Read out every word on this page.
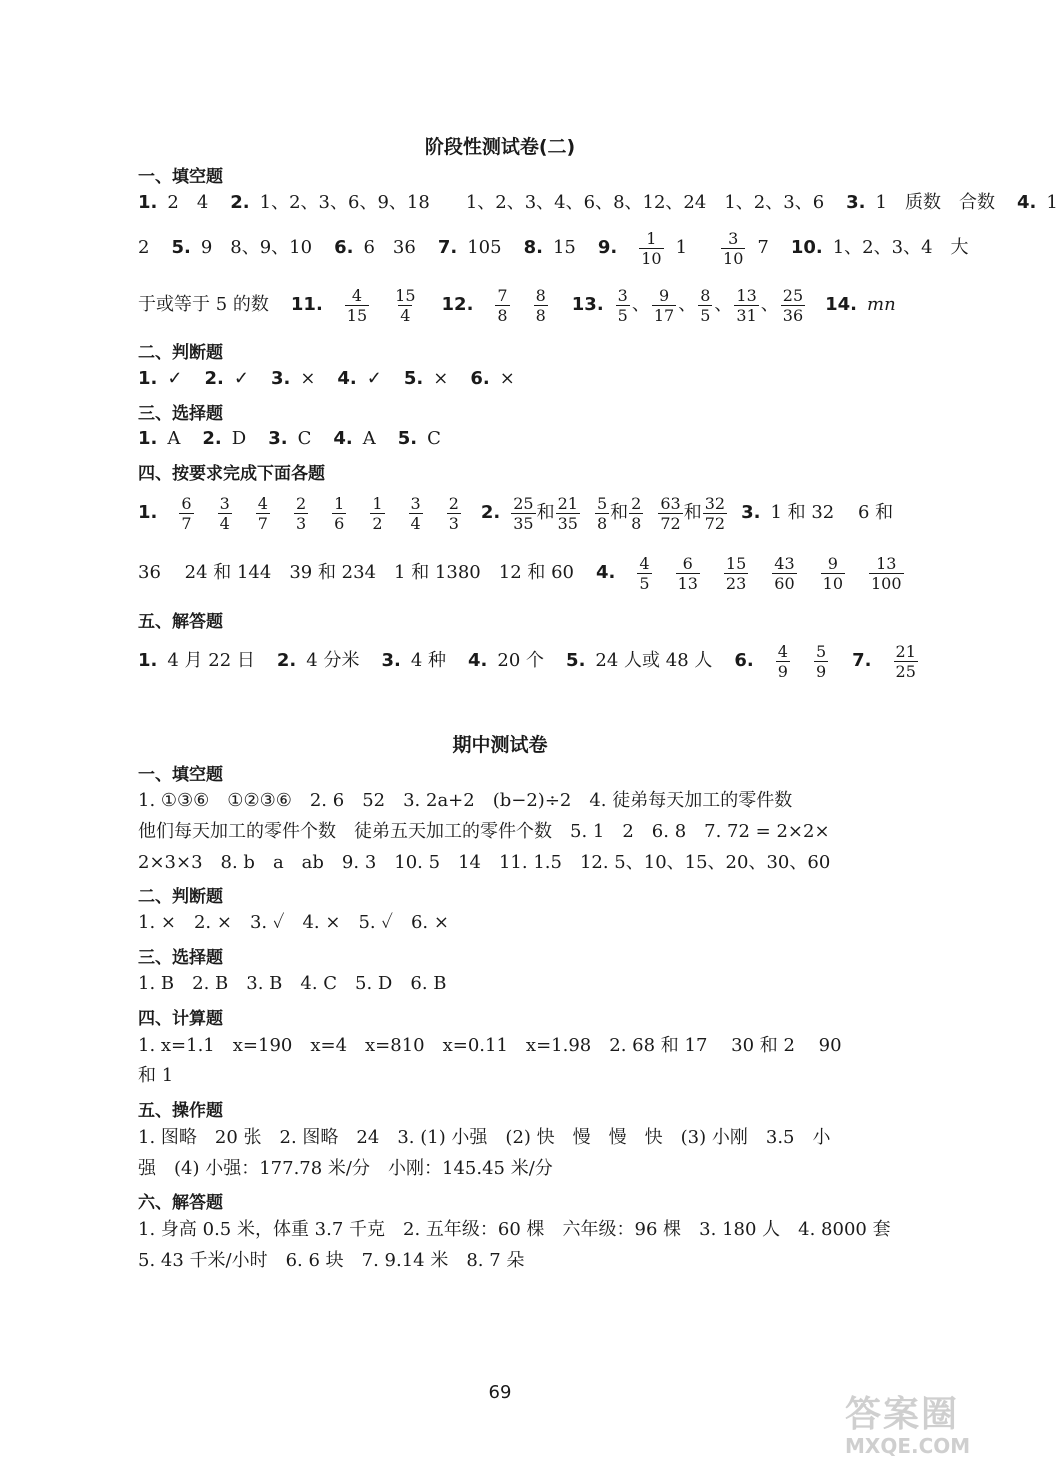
阶段性测试卷(二)
一、填空题
1. 2　4 2. 1、2、3、6、9、18　　1、2、3、4、6、8、12、24　1、2、3、6 3. 1　质数　合数 4. 1
2 5. 9　8、9、10 6. 6　36 7. 105 8. 15 9. $\frac{1}{10} 1 \frac{3}{10} 7$ 10. 1、2、3、4　大
于或等于 5 的数 11. $\frac{4}{15} \frac{15}{4} 12$. $\frac{7}{8} \frac{8}{8} 13$. $\frac{3}{5}$ 、 $\frac{9}{17}$ 、 $\frac{8}{5}$ 、 $\frac{13}{31}$ 、 $\frac{25}{36} 14$. mn
二、判断题
1. ✓ 2. ✓ 3. × 4. ✓ 5. × 6. ×
三、选择题
1. A 2. D 3. C 4. A 5. C
四、按要求完成下面各题
1. $\frac{6}{7} \frac{3}{4} \frac{4}{7} \frac{2}{3} \frac{1}{6} \frac{1}{2} \frac{3}{4} \frac{2}{3} 2$. $\frac{25}{35}$ 和 $\frac{21}{35} \frac{5}{8}$ 和 $\frac{2}{8} \frac{63}{72}$ 和 $\frac{32}{72} 3$. 1 和 32　 6 和
36　 24 和 144　39 和 234　1 和 1380　12 和 60 4. $\frac{4}{5} \frac{6}{13} \frac{15}{23} \frac{43}{60} \frac{9}{10} \frac{13}{100}$
五、解答题
1. 4 月 22 日 2. 4 分米 3. 4 种 4. 20 个 5. 24 人或 48 人 6. $\frac{4}{9} \frac{5}{9} 7$. $\frac{21}{25}$
期中测试卷
一、填空题
1. ①③⑥　①②③⑥　2. 6　52　3. 2a+2　(b−2)÷2　4. 徒弟每天加工的零件数
他们每天加工的零件个数　徒弟五天加工的零件个数　5. 1　2　6. 8　7. 72 = 2×2×
2×3×3　8. b　a　ab　9. 3　10. 5　14　11. 1.5　12. 5、10、15、20、30、60
二、判断题
1. ×　2. ×　3. ✓　4. ×　5. ✓　6. ×
三、选择题
1. B　2. B　3. B　4. C　5. D　6. B
四、计算题
1. x=1.1　x=190　x=4　x=810　x=0.11　x=1.98　2. 68 和 17　 30 和 2　 90
和 1
五、操作题
1. 图略　20 张　2. 图略　24　3. (1) 小强　(2) 快　慢　慢　快　(3) 小刚　3.5　小
强　(4) 小强：177.78 米/分　小刚：145.45 米/分
六、解答题
1. 身高 0.5 米，体重 3.7 千克　2. 五年级：60 棵　六年级：96 棵　3. 180 人　4. 8000 套
5. 43 千米/小时　6. 6 块　7. 9.14 米　8. 7 朵
69
答案圈
MXQE.COM
